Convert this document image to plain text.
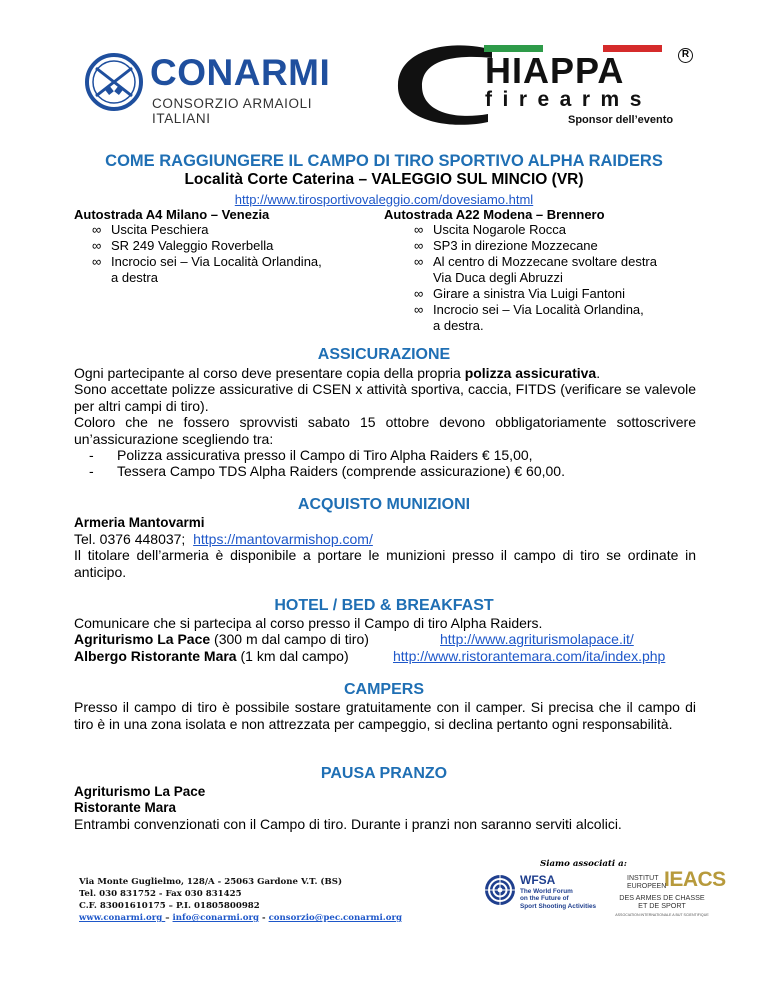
CONARMI
CONSORZIO ARMAIOLI ITALIANI
HIAPPA	R
firearms
Sponsor dell’evento
COME RAGGIUNGERE IL CAMPO DI TIRO SPORTIVO ALPHA RAIDERS
Località Corte Caterina – VALEGGIO SUL MINCIO (VR)
http://www.tirosportivovaleggio.com/dovesiamo.html
Autostrada A4 Milano – Venezia	Autostrada A22 Modena – Brennero
∞ Uscita Peschiera
∞ SR 249 Valeggio Roverbella
∞ Incrocio sei – Via Località Orlandina,
a destra
∞ Uscita Nogarole Rocca
∞ SP3 in direzione Mozzecane
∞ Al centro di Mozzecane svoltare destra
Via Duca degli Abruzzi
∞ Girare a sinistra Via Luigi Fantoni
∞ Incrocio sei – Via Località Orlandina,
a destra.
ASSICURAZIONE
Ogni partecipante al corso deve presentare copia della propria polizza assicurativa.
Sono accettate polizze assicurative di CSEN x attività sportiva, caccia, FITDS (verificare se valevole per altri campi di tiro).
Coloro che ne fossero sprovvisti sabato 15 ottobre devono obbligatoriamente sottoscrivere un’assicurazione scegliendo tra:
- Polizza assicurativa presso il Campo di Tiro Alpha Raiders € 15,00,
- Tessera Campo TDS Alpha Raiders (comprende assicurazione) € 60,00.
ACQUISTO MUNIZIONI
Armeria Mantovarmi
Tel. 0376 448037; https://mantovarmishop.com/
Il titolare dell’armeria è disponibile a portare le munizioni presso il campo di tiro se ordinate in anticipo.
HOTEL / BED & BREAKFAST
Comunicare che si partecipa al corso presso il Campo di tiro Alpha Raiders.
Agriturismo La Pace (300 m dal campo di tiro)	http://www.agriturismolapace.it/
Albergo Ristorante Mara (1 km dal campo)	http://www.ristorantemara.com/ita/index.php
CAMPERS
Presso il campo di tiro è possibile sostare gratuitamente con il camper. Si precisa che il campo di tiro è in una zona isolata e non attrezzata per campeggio, si declina pertanto ogni responsabilità.
PAUSA PRANZO
Agriturismo La Pace
Ristorante Mara
Entrambi convenzionati con il Campo di tiro. Durante i pranzi non saranno serviti alcolici.
Siamo associati a:
Via Monte Guglielmo, 128/A - 25063 Gardone V.T. (BS)
Tel. 030 831752 - Fax 030 831425
C.F. 83001610175 – P.I. 01805800982
www.conarmi.org – info@conarmi.org - consorzio@pec.conarmi.org
WFSA
The World Forum
on the Future of
Sport Shooting Activities
INSTITUT IEACS
EUROPEEN
DES ARMES DE CHASSE
ET DE SPORT
ASSOCIATION INTERNATIONALE A BUT SCIENTIFIQUE
